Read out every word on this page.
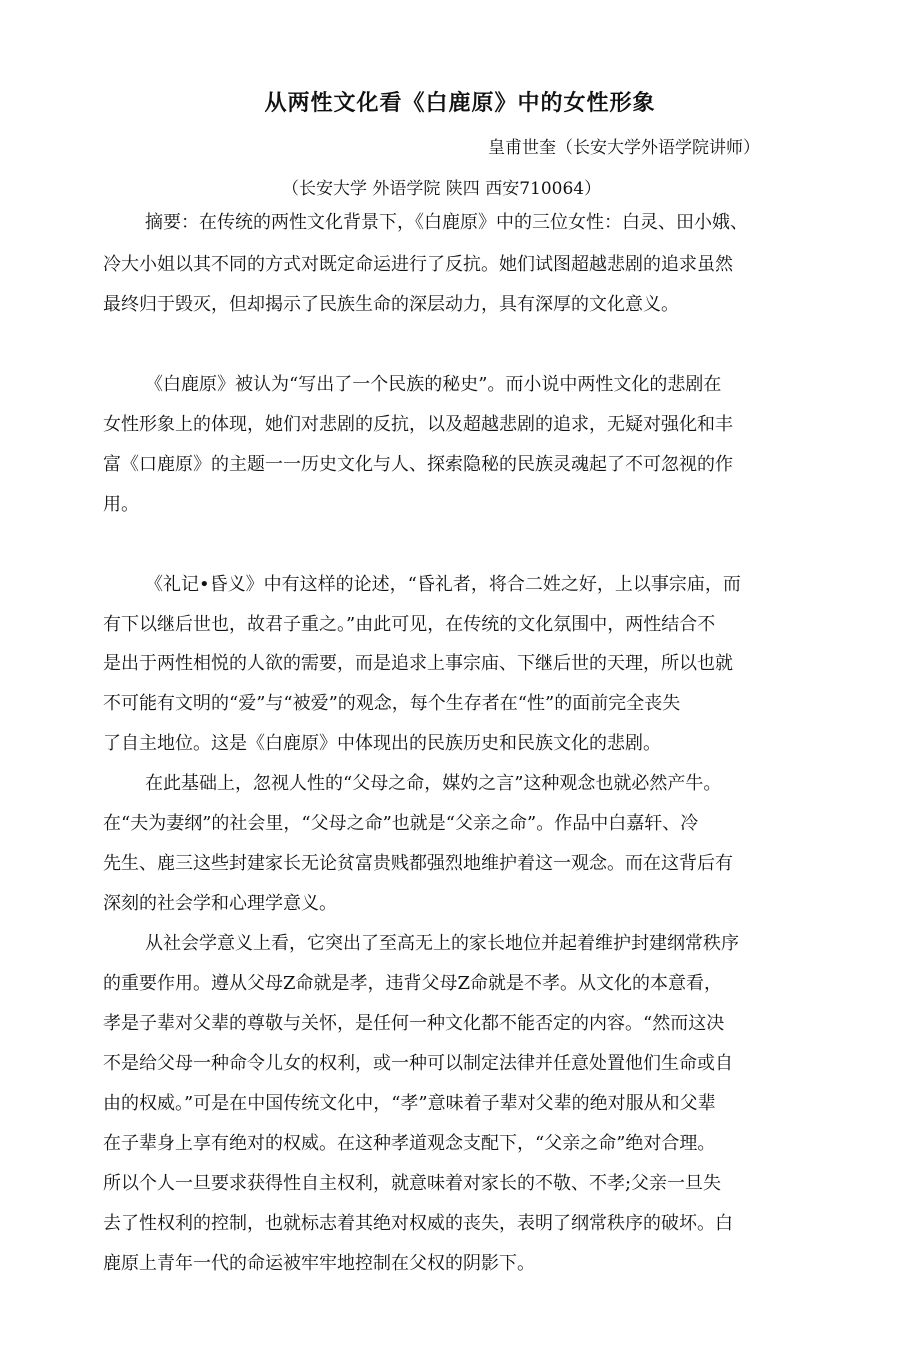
从两性文化看《白鹿原》中的女性形象
皇甫世奎（长安大学外语学院讲师）
（长安大学 外语学院 陕四 西安710064）
摘要：在传统的两性文化背景下，《白鹿原》中的三位女性：白灵、田小娥、
冷大小姐以其不同的方式对既定命运进行了反抗。她们试图超越悲剧的追求虽然
最终归于毁灭，但却揭示了民族生命的深层动力，具有深厚的文化意义。
《白鹿原》被认为“写出了一个民族的秘史”。而小说中两性文化的悲剧在
女性形象上的体现，她们对悲剧的反抗，以及超越悲剧的追求，无疑对强化和丰
富《口鹿原》的主题一一历史文化与人、探索隐秘的民族灵魂起了不可忽视的作
用。
《礼记•昏义》中有这样的论述，“昏礼者，将合二姓之好，上以事宗庙，而
有下以继后世也，故君子重之。”由此可见，在传统的文化氛围中，两性结合不
是出于两性相悦的人欲的需要，而是追求上事宗庙、下继后世的天理，所以也就
不可能有文明的“爱”与“被爱”的观念，每个生存者在“性”的面前完全丧失
了自主地位。这是《白鹿原》中体现出的民族历史和民族文化的悲剧。
在此基础上，忽视人性的“父母之命，媒妁之言”这种观念也就必然产牛。
在“夫为妻纲”的社会里，“父母之命”也就是“父亲之命”。作品中白嘉轩、冷
先生、鹿三这些封建家长无论贫富贵贱都强烈地维护着这一观念。而在这背后有
深刻的社会学和心理学意义。
从社会学意义上看，它突出了至高无上的家长地位并起着维护封建纲常秩序
的重要作用。遵从父母Z命就是孝，违背父母Z命就是不孝。从文化的本意看，
孝是子辈对父辈的尊敬与关怀，是任何一种文化都不能否定的内容。“然而这决
不是给父母一种命令儿女的权利，或一种可以制定法律并任意处置他们生命或自
由的权威。”可是在中国传统文化中，“孝”意味着子辈对父辈的绝对服从和父辈
在子辈身上享有绝对的权威。在这种孝道观念支配下，“父亲之命”绝对合理。
所以个人一旦要求获得性自主权利，就意味着对家长的不敬、不孝;父亲一旦失
去了性权利的控制，也就标志着其绝对权威的丧失，表明了纲常秩序的破坏。白
鹿原上青年一代的命运被牢牢地控制在父权的阴影下。
